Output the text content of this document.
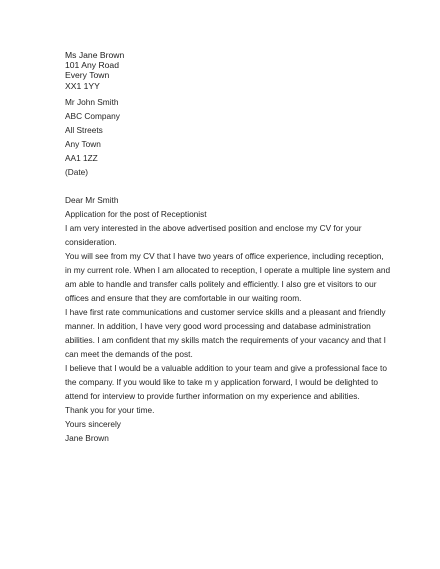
Ms Jane Brown
101 Any Road
Every Town
XX1 1YY
Mr John Smith
ABC Company
All Streets
Any Town
AA1 1ZZ
(Date)
Dear Mr Smith
Application for the post of Receptionist
I am very interested in the above advertised position and enclose my CV for your
consideration.
You will see from my CV that I have two years of office experience, including reception,
in my current role. When I am allocated to reception, I operate a multiple line system and
am able to handle and transfer calls politely and efficiently. I also gre et visitors to our
offices and ensure that they are comfortable in our waiting room.
I have first rate communications and customer service skills and a pleasant and friendly
manner. In addition, I have very good word processing and database administration
abilities. I am confident that my skills match the requirements of your vacancy and that I
can meet the demands of the post.
I believe that I would be a valuable addition to your team and give a professional face to
the company. If you would like to take m y application forward, I would be delighted to
attend for interview to provide further information on my experience and abilities.
Thank you for your time.
Yours sincerely
Jane Brown
